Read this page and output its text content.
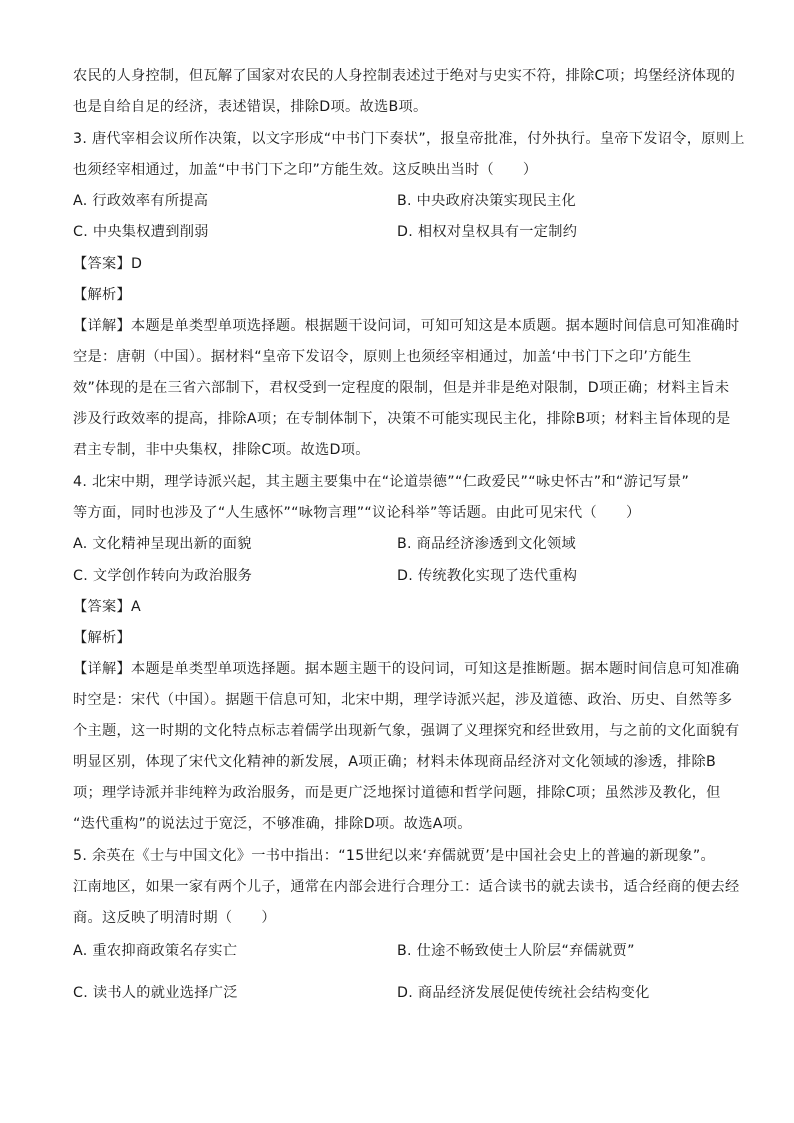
农民的人身控制，但瓦解了国家对农民的人身控制表述过于绝对与史实不符，排除C项；坞堡经济体现的
也是自给自足的经济，表述错误，排除D项。故选B项。
3. 唐代宰相会议所作决策，以文字形成“中书门下奏状”，报皇帝批准，付外执行。皇帝下发诏令，原则上
也须经宰相通过，加盖“中书门下之印”方能生效。这反映出当时（　　）
A. 行政效率有所提高	B. 中央政府决策实现民主化
C. 中央集权遭到削弱	D. 相权对皇权具有一定制约
【答案】D
【解析】
【详解】本题是单类型单项选择题。根据题干设问词，可知可知这是本质题。据本题时间信息可知准确时
空是：唐朝（中国）。据材料“皇帝下发诏令，原则上也须经宰相通过，加盖‘中书门下之印’方能生
效”体现的是在三省六部制下，君权受到一定程度的限制，但是并非是绝对限制，D项正确；材料主旨未
涉及行政效率的提高，排除A项；在专制体制下，决策不可能实现民主化，排除B项；材料主旨体现的是
君主专制，非中央集权，排除C项。故选D项。
4. 北宋中期，理学诗派兴起，其主题主要集中在“论道崇德”“仁政爱民”“咏史怀古”和“游记写景”
等方面，同时也涉及了“人生感怀”“咏物言理”“议论科举”等话题。由此可见宋代（　　）
A. 文化精神呈现出新的面貌	B. 商品经济渗透到文化领域
C. 文学创作转向为政治服务	D. 传统教化实现了迭代重构
【答案】A
【解析】
【详解】本题是单类型单项选择题。据本题主题干的设问词，可知这是推断题。据本题时间信息可知准确
时空是：宋代（中国）。据题干信息可知，北宋中期，理学诗派兴起，涉及道德、政治、历史、自然等多
个主题，这一时期的文化特点标志着儒学出现新气象，强调了义理探究和经世致用，与之前的文化面貌有
明显区别，体现了宋代文化精神的新发展，A项正确；材料未体现商品经济对文化领域的渗透，排除B
项；理学诗派并非纯粹为政治服务，而是更广泛地探讨道德和哲学问题，排除C项；虽然涉及教化，但
“迭代重构”的说法过于宽泛，不够准确，排除D项。故选A项。
5. 余英在《士与中国文化》一书中指出：“15世纪以来‘弃儒就贾’是中国社会史上的普遍的新现象”。
江南地区，如果一家有两个儿子，通常在内部会进行合理分工：适合读书的就去读书，适合经商的便去经
商。这反映了明清时期（　　）
A. 重农抑商政策名存实亡	B. 仕途不畅致使士人阶层“弃儒就贾”
C. 读书人的就业选择广泛	D. 商品经济发展促使传统社会结构变化
